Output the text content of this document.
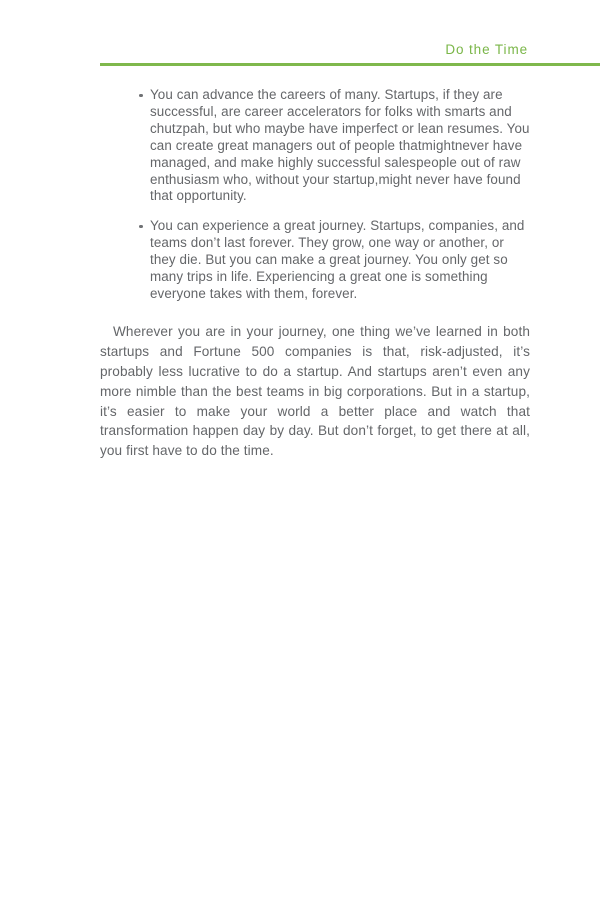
Do the Time
You can advance the careers of many. Startups, if they are successful, are career accelerators for folks with smarts and chutzpah, but who maybe have imperfect or lean resumes. You can create great managers out of people thatmightnever have managed, and make highly successful salespeople out of raw enthusiasm who, without your startup,might never have found that opportunity.
You can experience a great journey. Startups, companies, and teams don’t last forever. They grow, one way or another, or they die. But you can make a great journey. You only get so many trips in life. Experiencing a great one is something everyone takes with them, forever.

Wherever you are in your journey, one thing we’ve learned in both startups and Fortune 500 companies is that, risk-adjusted, it’s probably less lucrative to do a startup. And startups aren’t even any more nimble than the best teams in big corporations. But in a startup, it’s easier to make your world a better place and watch that transformation happen day by day. But don’t forget, to get there at all, you first have to do the time.
